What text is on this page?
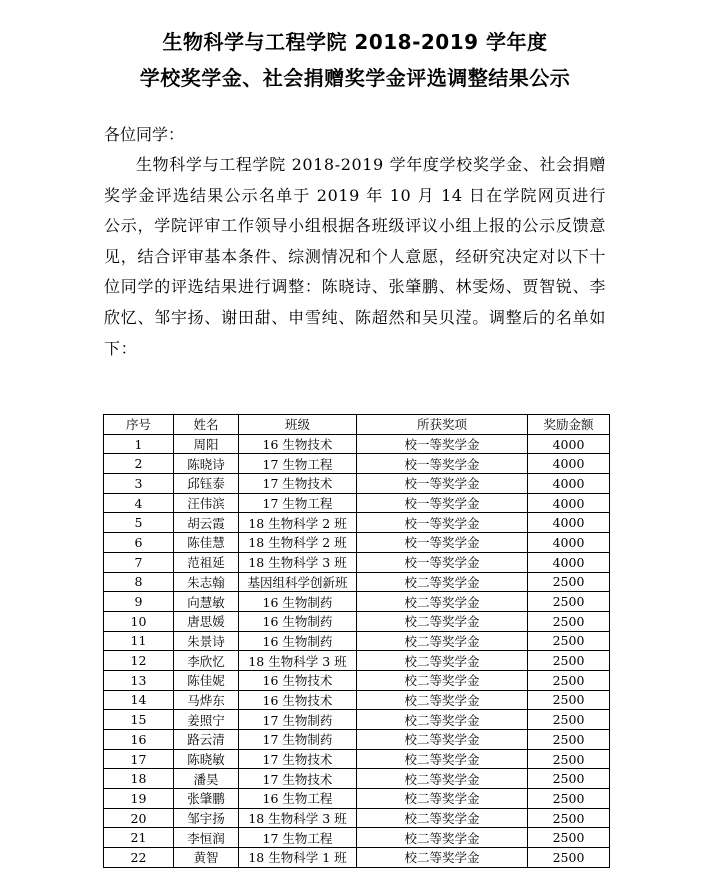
生物科学与工程学院 2018-2019 学年度
学校奖学金、社会捐赠奖学金评选调整结果公示
各位同学：
生物科学与工程学院 2018-2019 学年度学校奖学金、社会捐赠奖学金评选结果公示名单于 2019 年 10 月 14 日在学院网页进行公示，学院评审工作领导小组根据各班级评议小组上报的公示反馈意见，结合评审基本条件、综测情况和个人意愿，经研究决定对以下十位同学的评选结果进行调整：陈晓诗、张肇鹏、林雯炀、贾智锐、李欣忆、邹宇扬、谢田甜、申雪纯、陈超然和吴贝滢。调整后的名单如下：
序号	姓名	班级	所获奖项	奖励金额
1	周阳	16 生物技术	校一等奖学金	4000
2	陈晓诗	17 生物工程	校一等奖学金	4000
3	邱钰泰	17 生物技术	校一等奖学金	4000
4	汪伟滨	17 生物工程	校一等奖学金	4000
5	胡云霞	18 生物科学 2 班	校一等奖学金	4000
6	陈佳慧	18 生物科学 2 班	校一等奖学金	4000
7	范祖延	18 生物科学 3 班	校一等奖学金	4000
8	朱志翰	基因组科学创新班	校二等奖学金	2500
9	向慧敏	16 生物制药	校二等奖学金	2500
10	唐思媛	16 生物制药	校二等奖学金	2500
11	朱景诗	16 生物制药	校二等奖学金	2500
12	李欣忆	18 生物科学 3 班	校二等奖学金	2500
13	陈佳妮	16 生物技术	校二等奖学金	2500
14	马烨东	16 生物技术	校二等奖学金	2500
15	姜照宁	17 生物制药	校二等奖学金	2500
16	路云清	17 生物制药	校二等奖学金	2500
17	陈晓敏	17 生物技术	校二等奖学金	2500
18	潘昊	17 生物技术	校二等奖学金	2500
19	张肇鹏	16 生物工程	校二等奖学金	2500
20	邹宇扬	18 生物科学 3 班	校二等奖学金	2500
21	李恒润	17 生物工程	校二等奖学金	2500
22	黄智	18 生物科学 1 班	校二等奖学金	2500
